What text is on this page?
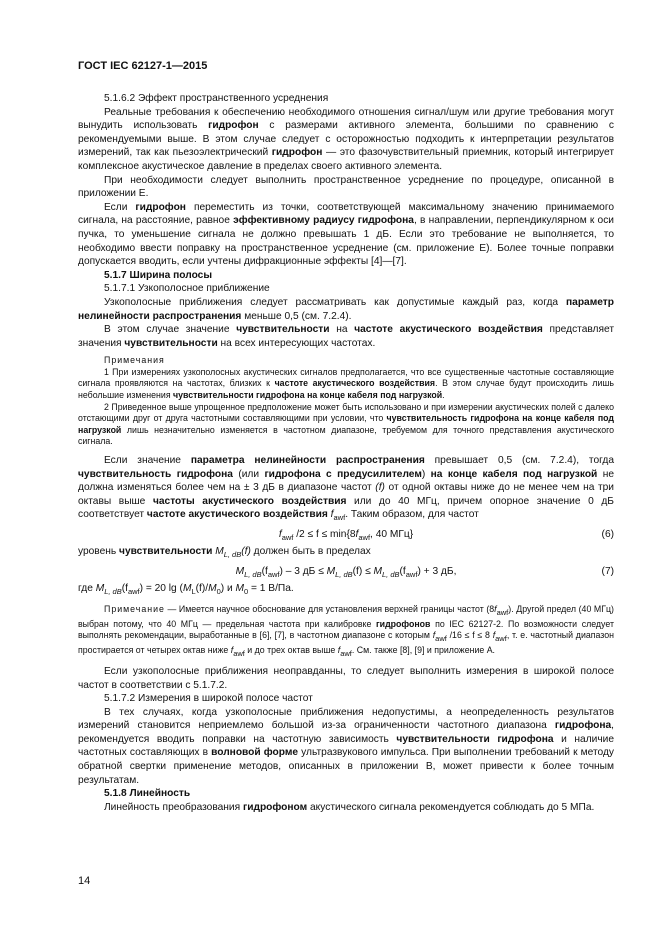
ГОСТ IEC 62127-1—2015
5.1.6.2 Эффект пространственного усреднения

Реальные требования к обеспечению необходимого отношения сигнал/шум или другие требования могут вынудить использовать гидрофон с размерами активного элемента, большими по сравнению с рекомендуемыми выше. В этом случае следует с осторожностью подходить к интерпретации результатов измерений, так как пьезоэлектрический гидрофон — это фазочувствительный приемник, который интегрирует комплексное акустическое давление в пределах своего активного элемента.

При необходимости следует выполнить пространственное усреднение по процедуре, описанной в приложении Е.

Если гидрофон переместить из точки, соответствующей максимальному значению принимаемого сигнала, на расстояние, равное эффективному радиусу гидрофона, в направлении, перпендикулярном к оси пучка, то уменьшение сигнала не должно превышать 1 дБ. Если это требование не выполняется, то необходимо ввести поправку на пространственное усреднение (см. приложение Е). Более точные поправки допускается вводить, если учтены дифракционные эффекты [4]—[7].

5.1.7 Ширина полосы
5.1.7.1 Узкополосное приближение

Узкополосные приближения следует рассматривать как допустимые каждый раз, когда параметр нелинейности распространения меньше 0,5 (см. 7.2.4).

В этом случае значение чувствительности на частоте акустического воздействия представляет значения чувствительности на всех интересующих частотах.

Примечания

1 При измерениях узкополосных акустических сигналов предполагается, что все существенные частотные составляющие сигнала проявляются на частотах, близких к частоте акустического воздействия. В этом случае будут происходить лишь небольшие изменения чувствительности гидрофона на конце кабеля под нагрузкой.

2 Приведенное выше упрощенное предположение может быть использовано и при измерении акустических полей с далеко отстающими друг от друга частотными составляющими при условии, что чувствительность гидрофона на конце кабеля под нагрузкой лишь незначительно изменяется в частотном диапазоне, требуемом для точного представления акустического сигнала.

Если значение параметра нелинейности распространения превышает 0,5 (см. 7.2.4), тогда чувствительность гидрофона (или гидрофона с предусилителем) на конце кабеля под нагрузкой не должна изменяться более чем на ± 3 дБ в диапазоне частот (f) от одной октавы ниже до не менее чем на три октавы выше частоты акустического воздействия или до 40 МГц, причем опорное значение 0 дБ соответствует частоте акустического воздействия $f_{awf}$. Таким образом, для частот

$f_{awf}$ $/2 \le f \le \min\{8f_{awf}$, 40 МГц}	(6)

уровень чувствительности $M_{L, dB}(f)$ должен быть в пределах

$M_{L, dB}(f_{awf}) - 3$ дБ ≤ $M_{L, dB}(f) \le M_{L, dB}(f_{awf}) + 3$ дБ,	(7)

где $M_{L, dB}(f_{awf}) = 20$ $\lg (M_L(f)/M_0)$ и $M_0 = 1$ В/Па.

Примечание — Имеется научное обоснование для установления верхней границы частот $(8f_{awf})$. Другой предел (40 МГц) выбран потому, что 40 МГц — предельная частота при калибровке гидрофонов по IEC 62127-2. По возможности следует выполнять рекомендации, выработанные в [6], [7], в частотном диапазоне с которым $f_{awf}$ /16 ≤ f ≤ 8 $f_{awf}$, т. е. частотный диапазон простирается от четырех октав ниже $f_{awf}$ и до трех октав выше $f_{awf}$. См. также [8], [9] и приложение А.

Если узкополосные приближения неоправданны, то следует выполнить измерения в широкой полосе частот в соответствии с 5.1.7.2.

5.1.7.2 Измерения в широкой полосе частот

В тех случаях, когда узкополосные приближения недопустимы, а неопределенность результатов измерений становится неприемлемо большой из-за ограниченности частотного диапазона гидрофона, рекомендуется вводить поправки на частотную зависимость чувствительности гидрофона и наличие частотных составляющих в волновой форме ультразвукового импульса. При выполнении требований к методу обратной свертки применение методов, описанных в приложении В, может привести к более точным результатам.

5.1.8 Линейность

Линейность преобразования гидрофоном акустического сигнала рекомендуется соблюдать до 5 МПа.

14
